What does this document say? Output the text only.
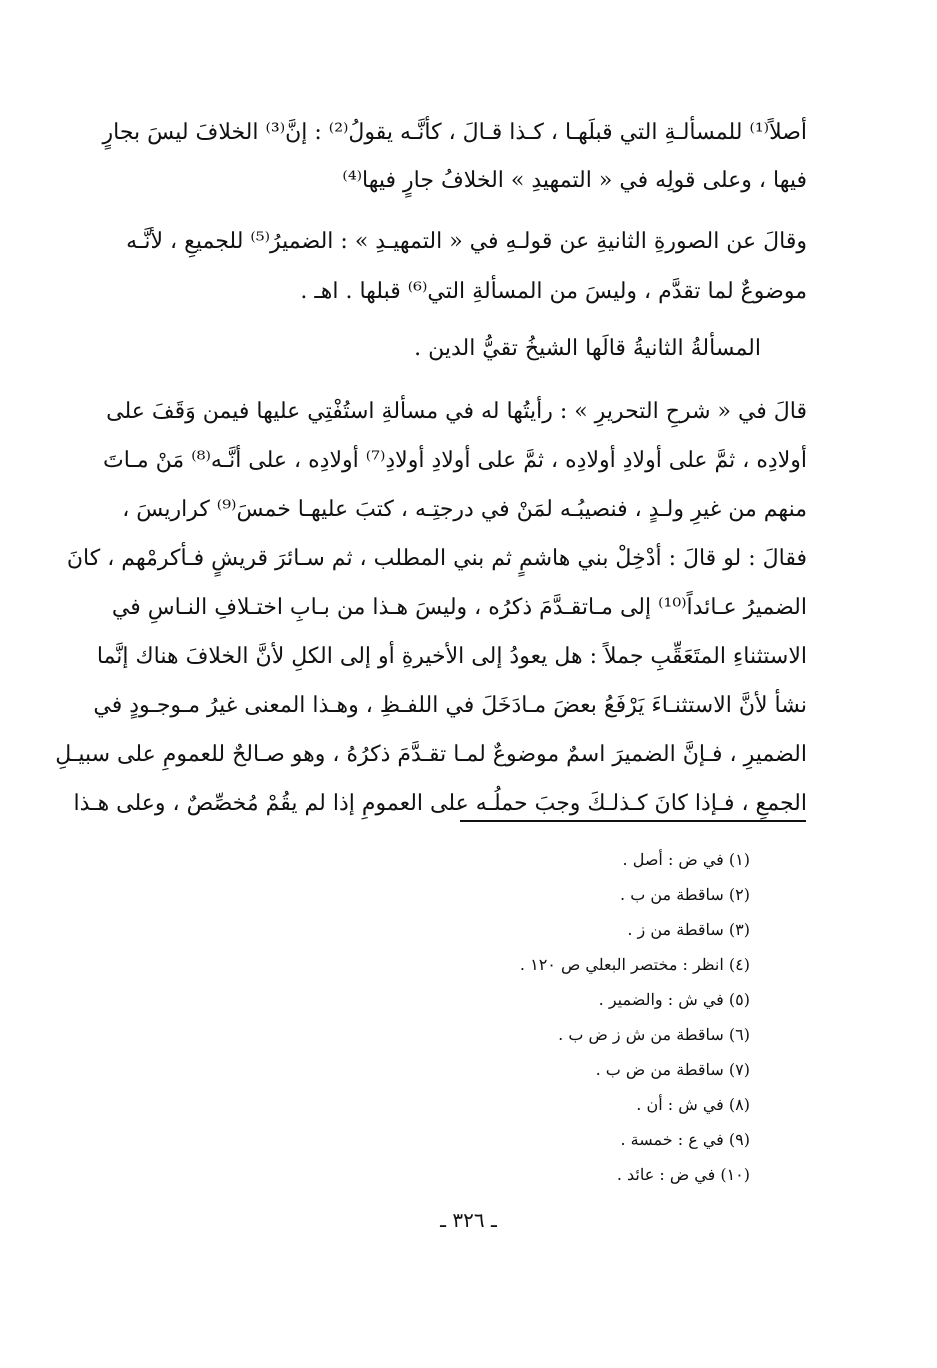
أصلاً⁽¹⁾ للمسألـةِ التي قبلَهـا ، كـذا قـالَ ، كأنَّـه يقولُ⁽²⁾ : إنَّ⁽³⁾ الخلافَ ليسَ بجارٍ
فيها ، وعلى قولِه في « التمهيدِ » الخلافُ جارٍ فيها⁽⁴⁾
وقالَ عن الصورةِ الثانيةِ عن قولـهِ في « التمهيـدِ » : الضميرُ⁽⁵⁾ للجميعِ ، لأنَّـه
موضوعٌ لما تقدَّم ، وليسَ من المسألةِ التي⁽⁶⁾ قبلها . اهـ .
المسألةُ الثانيةُ قالَها الشيخُ تقيُّ الدين .
قالَ في « شرحِ التحريرِ » : رأيتُها له في مسألةِ استُفْتِي عليها فيمن وَقَفَ على
أولادِه ، ثمَّ على أولادِ أولادِه ، ثمَّ على أولادِ أولادِ⁽⁷⁾ أولادِه ، على أنَّـه⁽⁸⁾ مَنْ مـاتَ
منهم من غيرِ ولـدٍ ، فنصيبُـه لمَنْ في درجتِـه ، كتبَ عليهـا خمسَ⁽⁹⁾ كراريسَ ،
فقالَ : لو قالَ : أدْخِلْ بني هاشمٍ ثم بني المطلب ، ثم سـائرَ قريشٍ فـأكرمْهم ، كانَ
الضميرُ عـائداً⁽¹⁰⁾ إلى مـاتقـدَّمَ ذكرُه ، وليسَ هـذا من بـابِ اختـلافِ النـاسِ في
الاستثناءِ المتَعَقِّبِ جملاً : هل يعودُ إلى الأخيرةِ أو إلى الكلِ لأنَّ الخلافَ هناك إنَّما
نشأ لأنَّ الاستثنـاءَ يَرْفَعُ بعضَ مـادَخَلَ في اللفـظِ ، وهـذا المعنى غيرُ مـوجـودٍ في
الضميرِ ، فـإنَّ الضميرَ اسمٌ موضوعٌ لمـا تقـدَّمَ ذكرُهُ ، وهو صـالحٌ للعمومِ على سبيـلِ
الجمعِ ، فـإذا كانَ كـذلـكَ وجبَ حملُـه على العمومِ إذا لم يقُمْ مُخصِّصٌ ، وعلى هـذا
(١) في ض : أصل .
(٢) ساقطة من ب .
(٣) ساقطة من ز .
(٤) انظر : مختصر البعلي ص ١٢٠ .
(٥) في ش : والضمير .
(٦) ساقطة من ش ز ض ب .
(٧) ساقطة من ض ب .
(٨) في ش : أن .
(٩) في ع : خمسة .
(١٠) في ض : عائد .
ـ ٣٢٦ ـ
